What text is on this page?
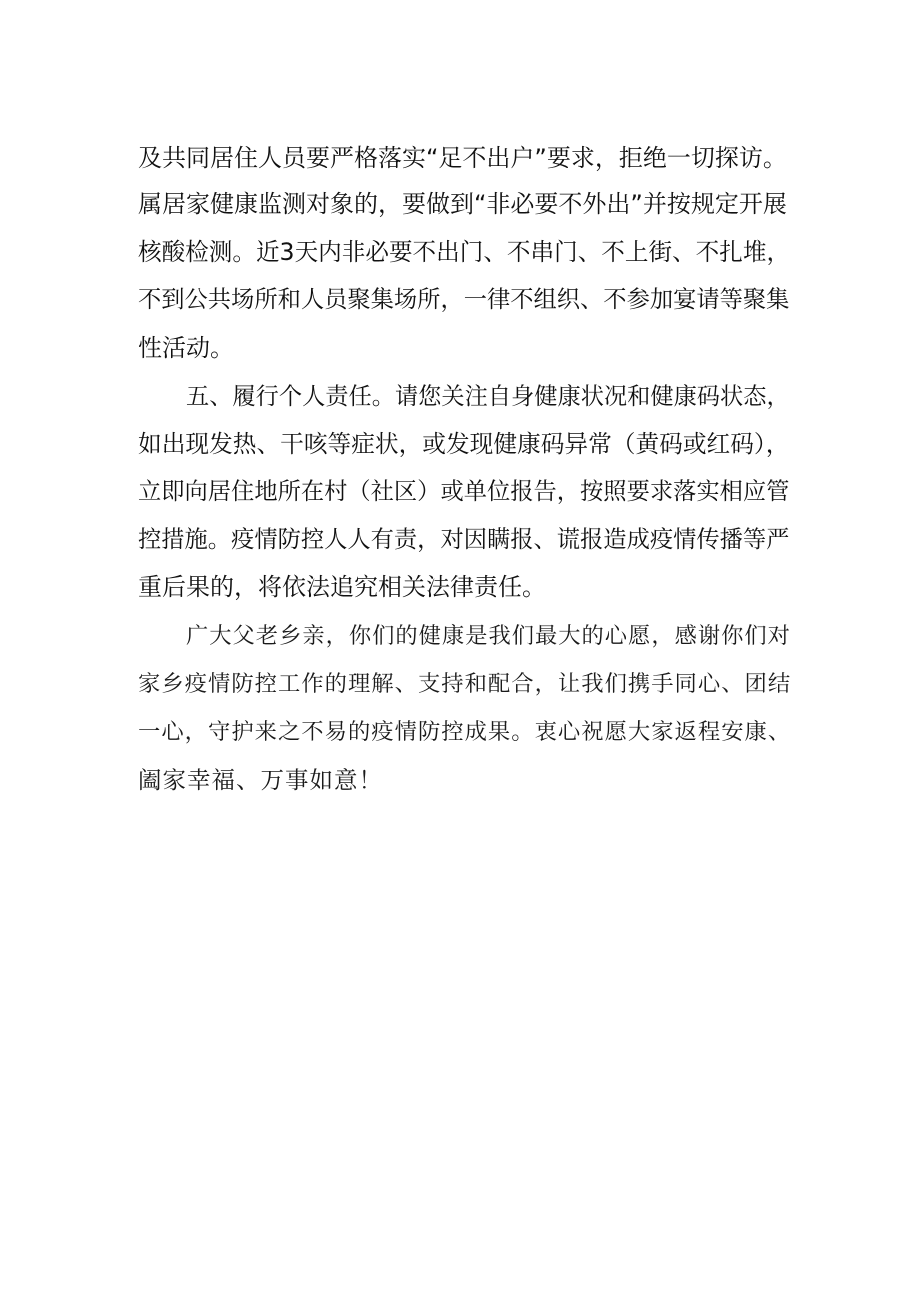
及共同居住人员要严格落实“足不出户”要求，拒绝一切探访。
属居家健康监测对象的，要做到“非必要不外出”并按规定开展
核酸检测。近3天内非必要不出门、不串门、不上街、不扎堆，
不到公共场所和人员聚集场所，一律不组织、不参加宴请等聚集
性活动。
五、履行个人责任。请您关注自身健康状况和健康码状态，
如出现发热、干咳等症状，或发现健康码异常（黄码或红码），
立即向居住地所在村（社区）或单位报告，按照要求落实相应管
控措施。疫情防控人人有责，对因瞒报、谎报造成疫情传播等严
重后果的，将依法追究相关法律责任。
广大父老乡亲，你们的健康是我们最大的心愿，感谢你们对
家乡疫情防控工作的理解、支持和配合，让我们携手同心、团结
一心，守护来之不易的疫情防控成果。衷心祝愿大家返程安康、
阖家幸福、万事如意！
